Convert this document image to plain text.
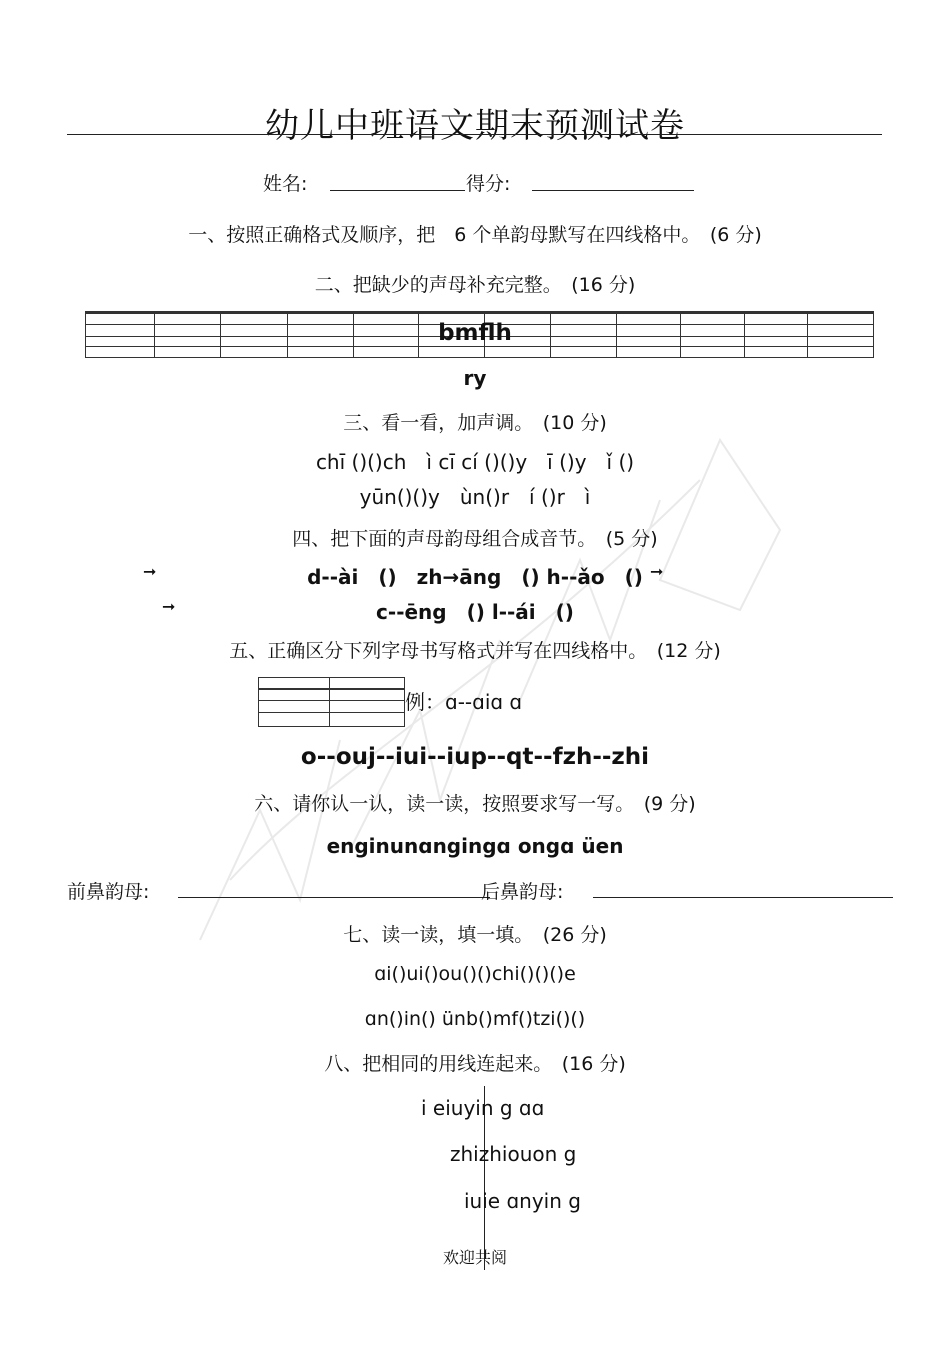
幼儿中班语文期末预测试卷
姓名:	得分:
一、按照正确格式及顺序，把　6 个单韵母默写在四线格中。　(6 分)
二、把缺少的声母补充完整。　(16 分)
bmflh
ry
三、看一看，加声调。　(10 分)
chī ()()ch　ì cī cí ()()y　ī ()y　ǐ ()
yūn()()y　ùn()r　í ()r　ì
四、把下面的声母韵母组合成音节。　(5 分)
➞	d--ài　()　zh→āng　() h--ǎo　() ➞
➞	c--ēng　() l--ái　()
五、正确区分下列字母书写格式并写在四线格中。　(12 分)
例：ɑ--ɑiɑ ɑ
o--ouj--iui--iup--qt--fzh--zhi
六、请你认一认，读一读，按照要求写一写。　(9 分)
enginunɑngingɑ ongɑ üen
前鼻韵母:	后鼻韵母:
七、读一读，填一填。　(26 分)
ɑi()ui()ou()()chi()()()e
ɑn()in() ünb()mf()tzi()()
八、把相同的用线连起来。　(16 分)
i eiuyin g ɑɑ
zhizhiouon g
iuie ɑnyin g
欢迎共阅
